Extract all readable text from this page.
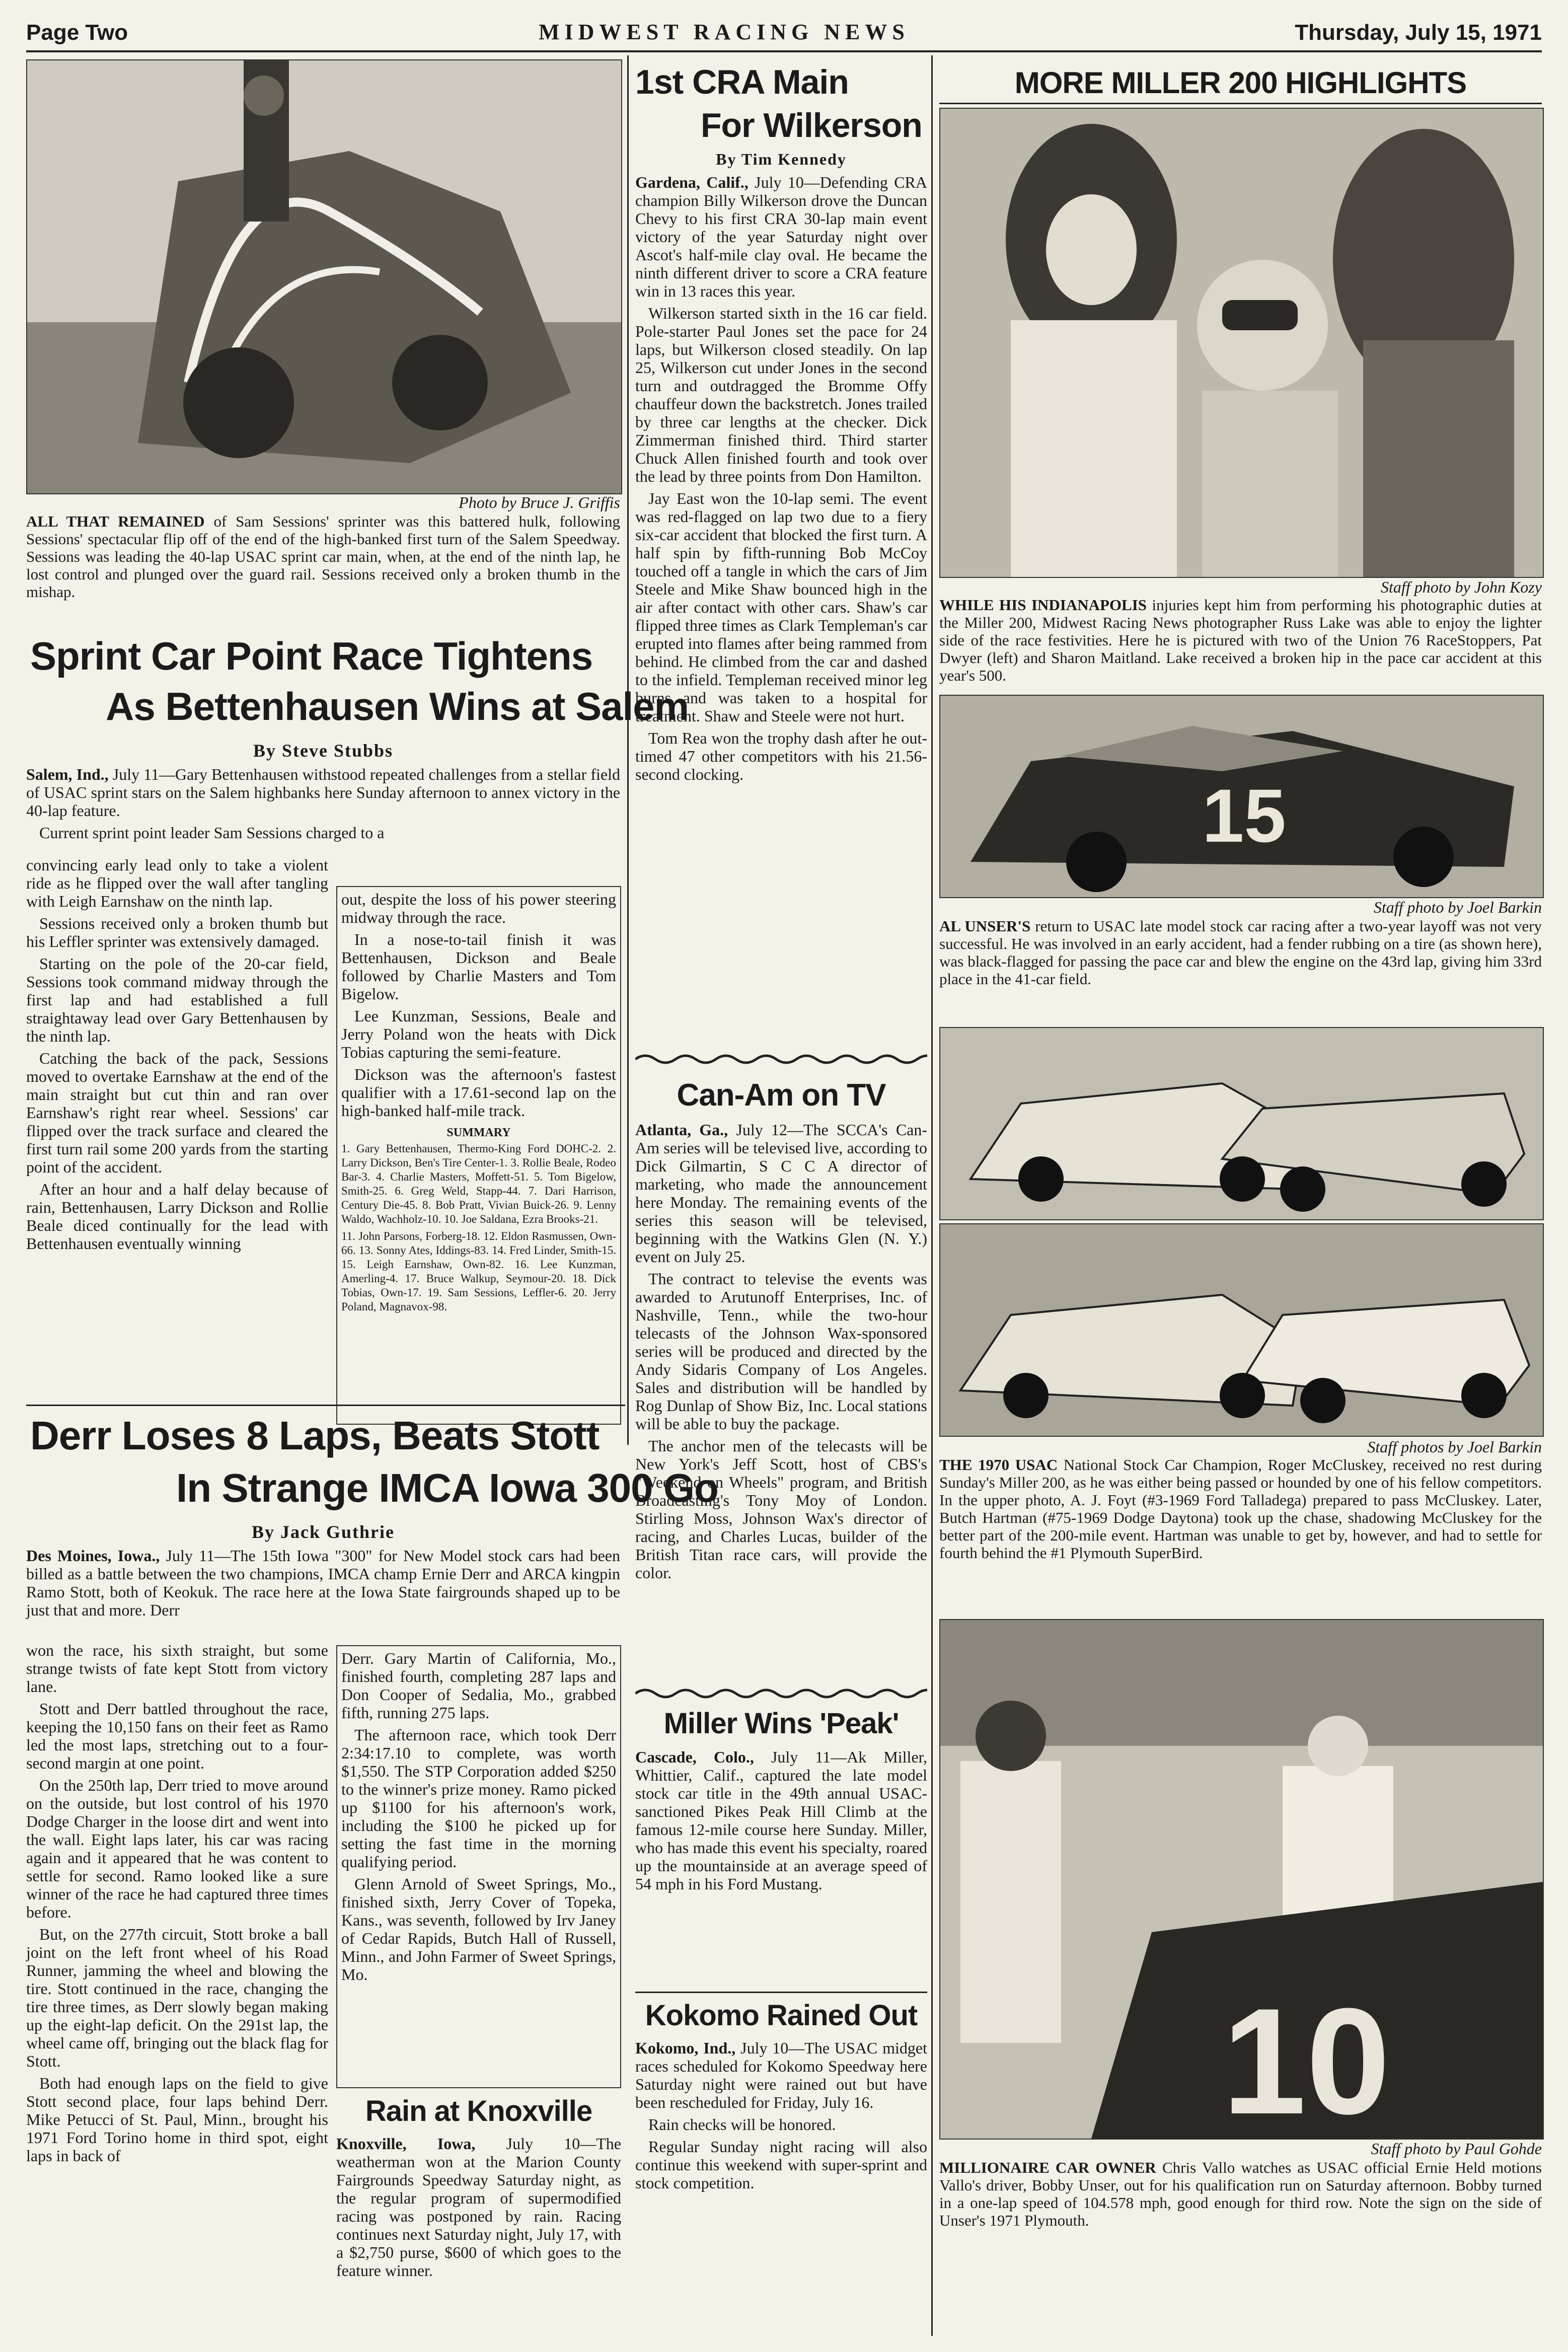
Page Two	MIDWEST RACING NEWS	Thursday, July 15, 1971
Photo by Bruce J. Griffis
ALL THAT REMAINED of Sam Sessions' sprinter was this battered hulk, following Sessions' spectacular flip off of the end of the high-banked first turn of the Salem Speedway. Sessions was leading the 40-lap USAC sprint car main, when, at the end of the ninth lap, he lost control and plunged over the guard rail. Sessions received only a broken thumb in the mishap.
Sprint Car Point Race Tightens
As Bettenhausen Wins at Salem
By Steve Stubbs

Salem, Ind., July 11—Gary Bettenhausen withstood repeated challenges from a stellar field of USAC sprint stars on the Salem highbanks here Sunday afternoon to annex victory in the 40-lap feature.

Current sprint point leader Sam Sessions charged to a

convincing early lead only to take a violent ride as he flipped over the wall after tangling with Leigh Earnshaw on the ninth lap.

Sessions received only a broken thumb but his Leffler sprinter was extensively damaged.

Starting on the pole of the 20-car field, Sessions took command midway through the first lap and had established a full straightaway lead over Gary Bettenhausen by the ninth lap.

Catching the back of the pack, Sessions moved to overtake Earnshaw at the end of the main straight but cut thin and ran over Earnshaw's right rear wheel. Sessions' car flipped over the track surface and cleared the first turn rail some 200 yards from the starting point of the accident.

After an hour and a half delay because of rain, Bettenhausen, Larry Dickson and Rollie Beale diced continually for the lead with Bettenhausen eventually winning

out, despite the loss of his power steering midway through the race.

In a nose-to-tail finish it was Bettenhausen, Dickson and Beale followed by Charlie Masters and Tom Bigelow.

Lee Kunzman, Sessions, Beale and Jerry Poland won the heats with Dick Tobias capturing the semi-feature.

Dickson was the afternoon's fastest qualifier with a 17.61-second lap on the high-banked half-mile track.

SUMMARY
1. Gary Bettenhausen, Thermo-King Ford DOHC-2. 2. Larry Dickson, Ben's Tire Center-1. 3. Rollie Beale, Rodeo Bar-3. 4. Charlie Masters, Moffett-51. 5. Tom Bigelow, Smith-25. 6. Greg Weld, Stapp-44. 7. Dari Harrison, Century Die-45. 8. Bob Pratt, Vivian Buick-26. 9. Lenny Waldo, Wachholz-10. 10. Joe Saldana, Ezra Brooks-21.
11. John Parsons, Forberg-18. 12. Eldon Rasmussen, Own-66. 13. Sonny Ates, Iddings-83. 14. Fred Linder, Smith-15. 15. Leigh Earnshaw, Own-82. 16. Lee Kunzman, Amerling-4. 17. Bruce Walkup, Seymour-20. 18. Dick Tobias, Own-17. 19. Sam Sessions, Leffler-6. 20. Jerry Poland, Magnavox-98.
Derr Loses 8 Laps, Beats Stott
In Strange IMCA Iowa 300 Go
By Jack Guthrie

Des Moines, Iowa., July 11—The 15th Iowa "300" for New Model stock cars had been billed as a battle between the two champions, IMCA champ Ernie Derr and ARCA kingpin Ramo Stott, both of Keokuk. The race here at the Iowa State fairgrounds shaped up to be just that and more. Derr

won the race, his sixth straight, but some strange twists of fate kept Stott from victory lane.

Stott and Derr battled throughout the race, keeping the 10,150 fans on their feet as Ramo led the most laps, stretching out to a four-second margin at one point.

On the 250th lap, Derr tried to move around on the outside, but lost control of his 1970 Dodge Charger in the loose dirt and went into the wall. Eight laps later, his car was racing again and it appeared that he was content to settle for second. Ramo looked like a sure winner of the race he had captured three times before.

But, on the 277th circuit, Stott broke a ball joint on the left front wheel of his Road Runner, jamming the wheel and blowing the tire. Stott continued in the race, changing the tire three times, as Derr slowly began making up the eight-lap deficit. On the 291st lap, the wheel came off, bringing out the black flag for Stott.

Both had enough laps on the field to give Stott second place, four laps behind Derr. Mike Petucci of St. Paul, Minn., brought his 1971 Ford Torino home in third spot, eight laps in back of

Derr. Gary Martin of California, Mo., finished fourth, completing 287 laps and Don Cooper of Sedalia, Mo., grabbed fifth, running 275 laps.

The afternoon race, which took Derr 2:34:17.10 to complete, was worth $1,550. The STP Corporation added $250 to the winner's prize money. Ramo picked up $1100 for his afternoon's work, including the $100 he picked up for setting the fast time in the morning qualifying period.

Glenn Arnold of Sweet Springs, Mo., finished sixth, Jerry Cover of Topeka, Kans., was seventh, followed by Irv Janey of Cedar Rapids, Butch Hall of Russell, Minn., and John Farmer of Sweet Springs, Mo.

Rain at Knoxville

Knoxville, Iowa, July 10—The weatherman won at the Marion County Fairgrounds Speedway Saturday night, as the regular program of supermodified racing was postponed by rain. Racing continues next Saturday night, July 17, with a $2,750 purse, $600 of which goes to the feature winner.

1st CRA Main
For Wilkerson
By Tim Kennedy

Gardena, Calif., July 10—Defending CRA champion Billy Wilkerson drove the Duncan Chevy to his first CRA 30-lap main event victory of the year Saturday night over Ascot's half-mile clay oval. He became the ninth different driver to score a CRA feature win in 13 races this year.

Wilkerson started sixth in the 16 car field. Pole-starter Paul Jones set the pace for 24 laps, but Wilkerson closed steadily. On lap 25, Wilkerson cut under Jones in the second turn and outdragged the Bromme Offy chauffeur down the backstretch. Jones trailed by three car lengths at the checker. Dick Zimmerman finished third. Third starter Chuck Allen finished fourth and took over the lead by three points from Don Hamilton.

Jay East won the 10-lap semi. The event was red-flagged on lap two due to a fiery six-car accident that blocked the first turn. A half spin by fifth-running Bob McCoy touched off a tangle in which the cars of Jim Steele and Mike Shaw bounced high in the air after contact with other cars. Shaw's car flipped three times as Clark Templeman's car erupted into flames after being rammed from behind. He climbed from the car and dashed to the infield. Templeman received minor leg burns and was taken to a hospital for treatment. Shaw and Steele were not hurt.

Tom Rea won the trophy dash after he out-timed 47 other competitors with his 21.56-second clocking.

Can-Am on TV

Atlanta, Ga., July 12—The SCCA's Can-Am series will be televised live, according to Dick Gilmartin, S C C A director of marketing, who made the announcement here Monday. The remaining events of the series this season will be televised, beginning with the Watkins Glen (N. Y.) event on July 25.

The contract to televise the events was awarded to Arutunoff Enterprises, Inc. of Nashville, Tenn., while the two-hour telecasts of the Johnson Wax-sponsored series will be produced and directed by the Andy Sidaris Company of Los Angeles. Sales and distribution will be handled by Rog Dunlap of Show Biz, Inc. Local stations will be able to buy the package.

The anchor men of the telecasts will be New York's Jeff Scott, host of CBS's "Weekend on Wheels" program, and British Broadcasting's Tony Moy of London. Stirling Moss, Johnson Wax's director of racing, and Charles Lucas, builder of the British Titan race cars, will provide the color.

Miller Wins 'Peak'

Cascade, Colo., July 11—Ak Miller, Whittier, Calif., captured the late model stock car title in the 49th annual USAC-sanctioned Pikes Peak Hill Climb at the famous 12-mile course here Sunday. Miller, who has made this event his specialty, roared up the mountainside at an average speed of 54 mph in his Ford Mustang.

Kokomo Rained Out

Kokomo, Ind., July 10—The USAC midget races scheduled for Kokomo Speedway here Saturday night were rained out but have been rescheduled for Friday, July 16.

Rain checks will be honored.

Regular Sunday night racing will also continue this weekend with super-sprint and stock competition.

MORE MILLER 200 HIGHLIGHTS
Staff photo by John Kozy
WHILE HIS INDIANAPOLIS injuries kept him from performing his photographic duties at the Miller 200, Midwest Racing News photographer Russ Lake was able to enjoy the lighter side of the race festivities. Here he is pictured with two of the Union 76 RaceStoppers, Pat Dwyer (left) and Sharon Maitland. Lake received a broken hip in the pace car accident at this year's 500.
15
Staff photo by Joel Barkin
AL UNSER'S return to USAC late model stock car racing after a two-year layoff was not very successful. He was involved in an early accident, had a fender rubbing on a tire (as shown here), was black-flagged for passing the pace car and blew the engine on the 43rd lap, giving him 33rd place in the 41-car field.
Staff photos by Joel Barkin
THE 1970 USAC National Stock Car Champion, Roger McCluskey, received no rest during Sunday's Miller 200, as he was either being passed or hounded by one of his fellow competitors. In the upper photo, A. J. Foyt (#3-1969 Ford Talladega) prepared to pass McCluskey. Later, Butch Hartman (#75-1969 Dodge Daytona) took up the chase, shadowing McCluskey for the better part of the 200-mile event. Hartman was unable to get by, however, and had to settle for fourth behind the #1 Plymouth SuperBird.
10
Staff photo by Paul Gohde
MILLIONAIRE CAR OWNER Chris Vallo watches as USAC official Ernie Held motions Vallo's driver, Bobby Unser, out for his qualification run on Saturday afternoon. Bobby turned in a one-lap speed of 104.578 mph, good enough for third row. Note the sign on the side of Unser's 1971 Plymouth.
